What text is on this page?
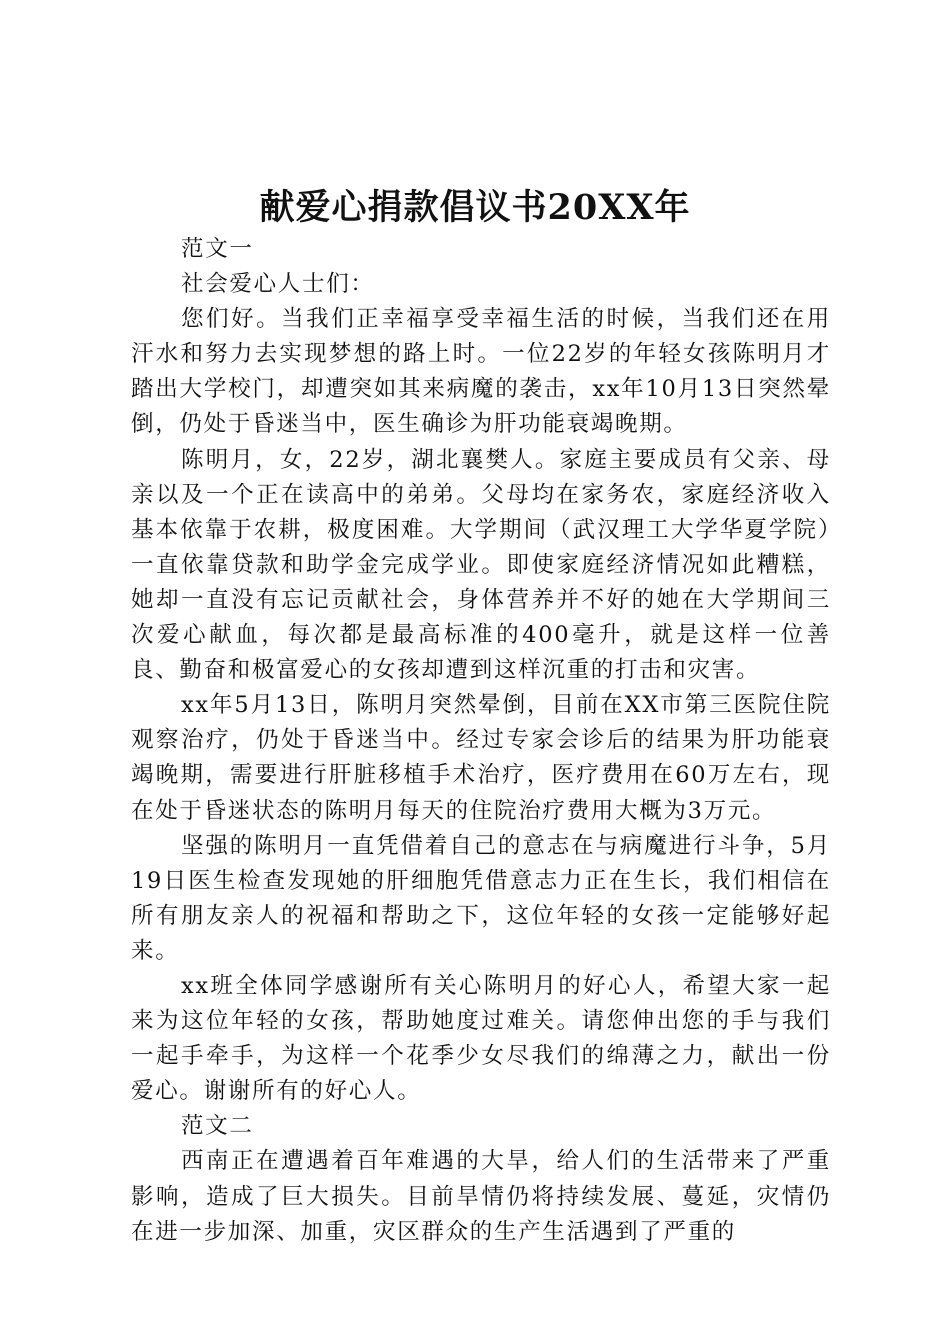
献爱心捐款倡议书20XX年

范文一

社会爱心人士们：

您们好。当我们正幸福享受幸福生活的时候，当我们还在用汗水和努力去实现梦想的路上时。一位22岁的年轻女孩陈明月才踏出大学校门，却遭突如其来病魔的袭击，xx年10月13日突然晕倒，仍处于昏迷当中，医生确诊为肝功能衰竭晚期。

陈明月，女，22岁，湖北襄樊人。家庭主要成员有父亲、母亲以及一个正在读高中的弟弟。父母均在家务农，家庭经济收入基本依靠于农耕，极度困难。大学期间（武汉理工大学华夏学院）一直依靠贷款和助学金完成学业。即使家庭经济情况如此糟糕，她却一直没有忘记贡献社会，身体营养并不好的她在大学期间三次爱心献血，每次都是最高标准的400毫升，就是这样一位善良、勤奋和极富爱心的女孩却遭到这样沉重的打击和灾害。

xx年5月13日，陈明月突然晕倒，目前在XX市第三医院住院观察治疗，仍处于昏迷当中。经过专家会诊后的结果为肝功能衰竭晚期，需要进行肝脏移植手术治疗，医疗费用在60万左右，现在处于昏迷状态的陈明月每天的住院治疗费用大概为3万元。

坚强的陈明月一直凭借着自己的意志在与病魔进行斗争，5月19日医生检查发现她的肝细胞凭借意志力正在生长，我们相信在所有朋友亲人的祝福和帮助之下，这位年轻的女孩一定能够好起来。

xx班全体同学感谢所有关心陈明月的好心人，希望大家一起来为这位年轻的女孩，帮助她度过难关。请您伸出您的手与我们一起手牵手，为这样一个花季少女尽我们的绵薄之力，献出一份爱心。谢谢所有的好心人。

范文二

西南正在遭遇着百年难遇的大旱，给人们的生活带来了严重影响，造成了巨大损失。目前旱情仍将持续发展、蔓延，灾情仍在进一步加深、加重，灾区群众的生产生活遇到了严重的
